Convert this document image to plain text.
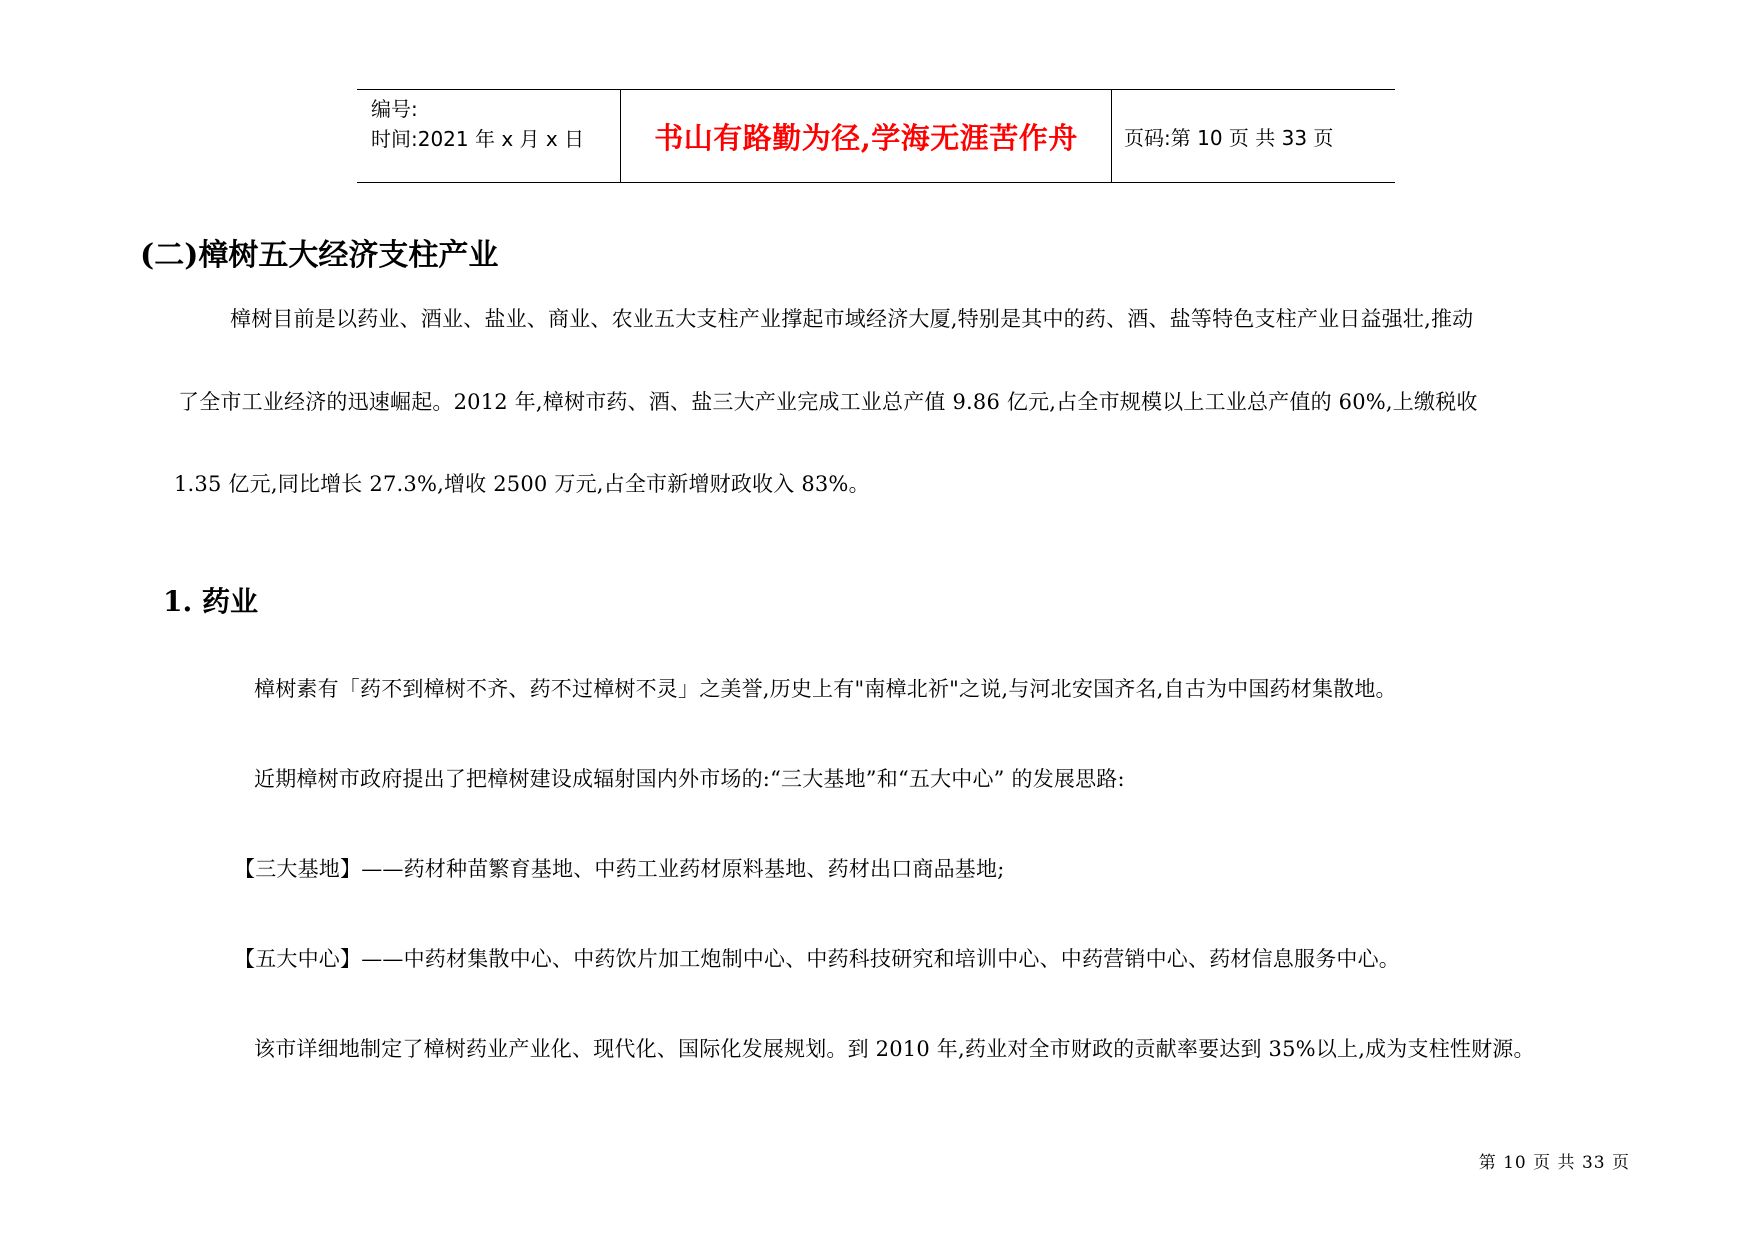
编号:
时间:2021 年 x 月 x 日	书山有路勤为径,学海无涯苦作舟 页码:第 10 页 共 33 页
(二)樟树五大经济支柱产业
樟树目前是以药业、酒业、盐业、商业、农业五大支柱产业撑起市域经济大厦,特别是其中的药、酒、盐等特色支柱产业日益强壮,推动
了全市工业经济的迅速崛起。2012 年,樟树市药、酒、盐三大产业完成工业总产值 9.86 亿元,占全市规模以上工业总产值的 60%,上缴税收
1.35 亿元,同比增长 27.3%,增收 2500 万元,占全市新增财政收入 83%。
1. 药业
樟树素有「药不到樟树不齐、药不过樟树不灵」之美誉,历史上有"南樟北祈"之说,与河北安国齐名,自古为中国药材集散地。
近期樟树市政府提出了把樟树建设成辐射国内外市场的:“三大基地”和“五大中心” 的发展思路:
【三大基地】——药材种苗繁育基地、中药工业药材原料基地、药材出口商品基地;
【五大中心】——中药材集散中心、中药饮片加工炮制中心、中药科技研究和培训中心、中药营销中心、药材信息服务中心。
该市详细地制定了樟树药业产业化、现代化、国际化发展规划。到 2010 年,药业对全市财政的贡献率要达到 35%以上,成为支柱性财源。
第 10 页 共 33 页
